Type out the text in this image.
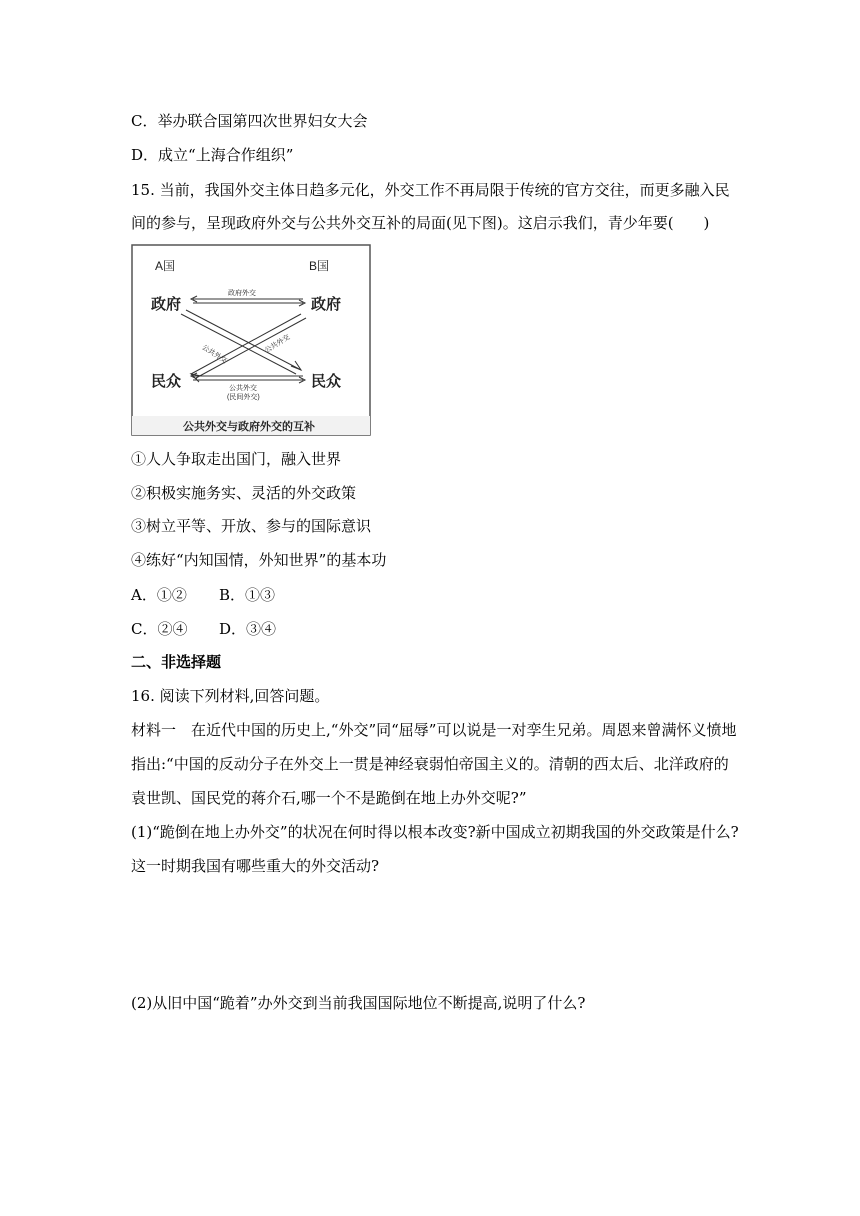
C．举办联合国第四次世界妇女大会
D．成立“上海合作组织”
15. 当前，我国外交主体日趋多元化，外交工作不再局限于传统的官方交往，而更多融入民
间的参与，呈现政府外交与公共外交互补的局面(见下图)。这启示我们，青少年要(　　)
A国	B国
政府	政府
民众	民众
政府外交
公共外交	公共外交
公共外交
(民间外交)
公共外交与政府外交的互补
①人人争取走出国门，融入世界
②积极实施务实、灵活的外交政策
③树立平等、开放、参与的国际意识
④练好“内知国情，外知世界”的基本功
A．①② B．①③
C．②④ D．③④
二、非选择题
16. 阅读下列材料,回答问题。
材料一　在近代中国的历史上,“外交”同“屈辱”可以说是一对孪生兄弟。周恩来曾满怀义愤地
指出:“中国的反动分子在外交上一贯是神经衰弱怕帝国主义的。清朝的西太后、北洋政府的
袁世凯、国民党的蒋介石,哪一个不是跪倒在地上办外交呢?”
(1)“跪倒在地上办外交”的状况在何时得以根本改变?新中国成立初期我国的外交政策是什么?
这一时期我国有哪些重大的外交活动?
(2)从旧中国“跪着”办外交到当前我国国际地位不断提高,说明了什么?
